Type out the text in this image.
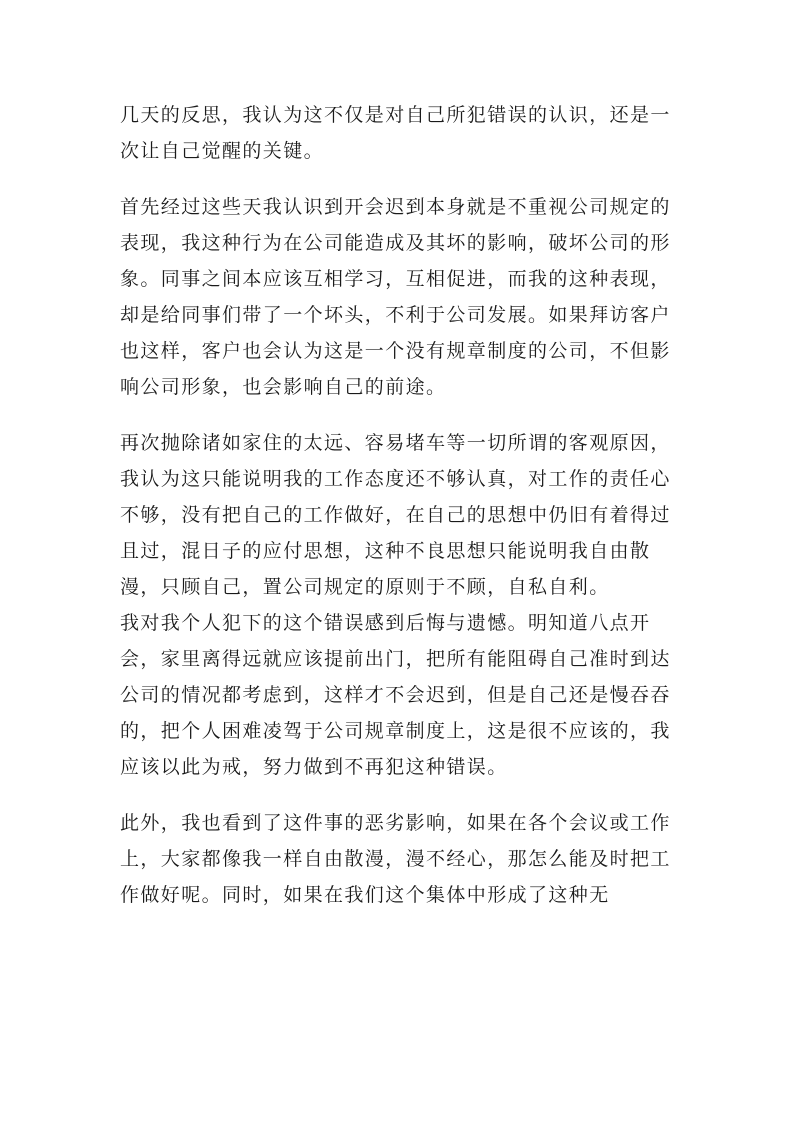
几天的反思，我认为这不仅是对自己所犯错误的认识，还是一次让自己觉醒的关键。

首先经过这些天我认识到开会迟到本身就是不重视公司规定的表现，我这种行为在公司能造成及其坏的影响，破坏公司的形象。同事之间本应该互相学习，互相促进，而我的这种表现，却是给同事们带了一个坏头，不利于公司发展。如果拜访客户也这样，客户也会认为这是一个没有规章制度的公司，不但影响公司形象，也会影响自己的前途。

再次抛除诸如家住的太远、容易堵车等一切所谓的客观原因，我认为这只能说明我的工作态度还不够认真，对工作的责任心不够，没有把自己的工作做好，在自己的思想中仍旧有着得过且过，混日子的应付思想，这种不良思想只能说明我自由散漫，只顾自己，置公司规定的原则于不顾，自私自利。

我对我个人犯下的这个错误感到后悔与遗憾。明知道八点开会，家里离得远就应该提前出门，把所有能阻碍自己准时到达公司的情况都考虑到，这样才不会迟到，但是自己还是慢吞吞的，把个人困难凌驾于公司规章制度上，这是很不应该的，我应该以此为戒，努力做到不再犯这种错误。

此外，我也看到了这件事的恶劣影响，如果在各个会议或工作上，大家都像我一样自由散漫，漫不经心，那怎么能及时把工作做好呢。同时，如果在我们这个集体中形成了这种无
